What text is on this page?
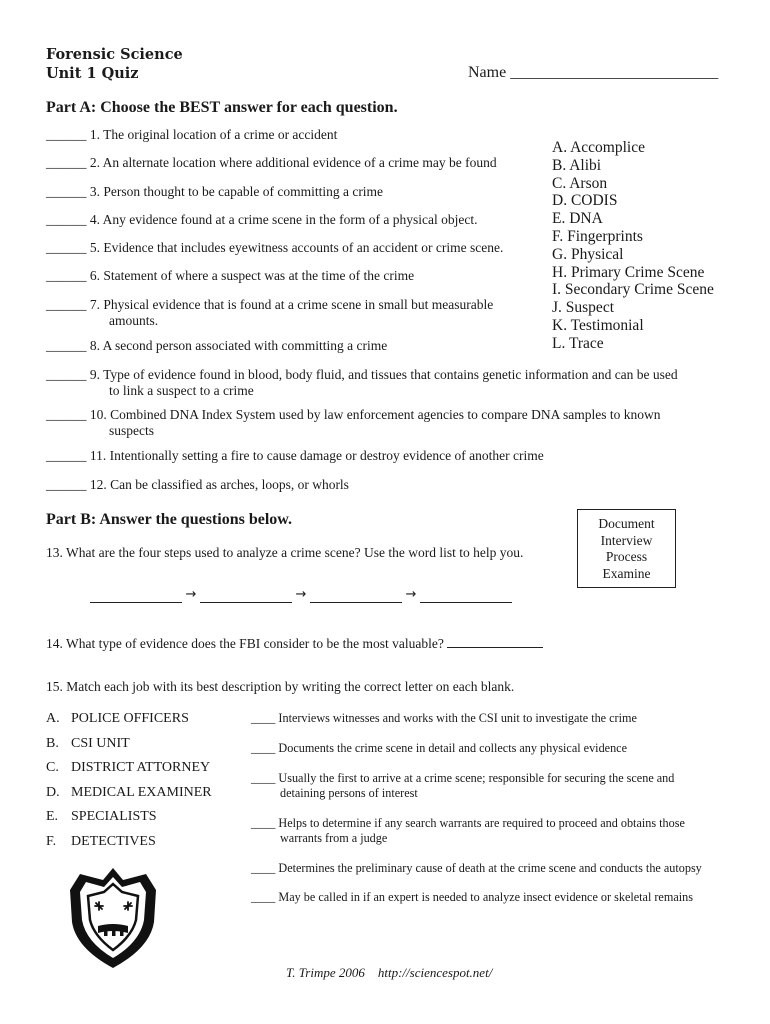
Forensic Science
Unit 1 Quiz	Name __________________________
Part A: Choose the BEST answer for each question.
______ 1. The original location of a crime or accident
______ 2. An alternate location where additional evidence of a crime may be found
______ 3. Person thought to be capable of committing a crime
______ 4. Any evidence found at a crime scene in the form of a physical object.
______ 5. Evidence that includes eyewitness accounts of an accident or crime scene.
______ 6. Statement of where a suspect was at the time of the crime
______ 7. Physical evidence that is found at a crime scene in small but measurable
amounts.
______ 8. A second person associated with committing a crime
______ 9. Type of evidence found in blood, body fluid, and tissues that contains genetic information and can be used
to link a suspect to a crime
______ 10. Combined DNA Index System used by law enforcement agencies to compare DNA samples to known
suspects
______ 11. Intentionally setting a fire to cause damage or destroy evidence of another crime
______ 12. Can be classified as arches, loops, or whorls
A. Accomplice
B. Alibi
C. Arson
D. CODIS
E. DNA
F. Fingerprints
G. Physical
H. Primary Crime Scene
I. Secondary Crime Scene
J. Suspect
K. Testimonial
L. Trace
Part B: Answer the questions below.	Document
Interview
Process
Examine
13. What are the four steps used to analyze a crime scene? Use the word list to help you.
→	→	→
14. What type of evidence does the FBI consider to be the most valuable?
15. Match each job with its best description by writing the correct letter on each blank.
A. POLICE OFFICERS
B. CSI UNIT
C. DISTRICT ATTORNEY
D. MEDICAL EXAMINER
E. SPECIALISTS
F. DETECTIVES
____ Interviews witnesses and works with the CSI unit to investigate the crime
____ Documents the crime scene in detail and collects any physical evidence
____ Usually the first to arrive at a crime scene; responsible for securing the scene and
detaining persons of interest
____ Helps to determine if any search warrants are required to proceed and obtains those
warrants from a judge
____ Determines the preliminary cause of death at the crime scene and conducts the autopsy
____ May be called in if an expert is needed to analyze insect evidence or skeletal remains
T. Trimpe 2006 http://sciencespot.net/
